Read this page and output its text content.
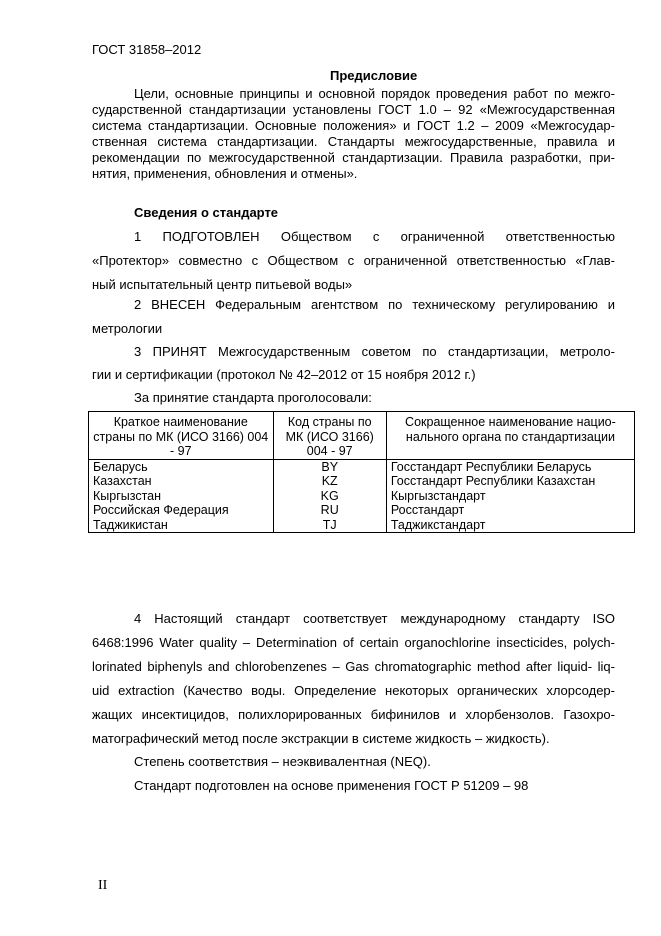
ГОСТ 31858–2012
Предисловие
Цели, основные принципы и основной порядок проведения работ по межго-
сударственной стандартизации установлены ГОСТ 1.0 – 92 «Межгосударственная
система стандартизации. Основные положения» и ГОСТ 1.2 – 2009 «Межгосудар-
ственная система стандартизации. Стандарты межгосударственные, правила и
рекомендации по межгосударственной стандартизации. Правила разработки, при-
нятия, применения, обновления и отмены».
Сведения о стандарте
1 ПОДГОТОВЛЕН Обществом с ограниченной ответственностью
«Протектор» совместно с Обществом с ограниченной ответственностью «Глав-
ный испытательный центр питьевой воды»
2 ВНЕСЕН Федеральным агентством по техническому регулированию и
метрологии
3 ПРИНЯТ Межгосударственным советом по стандартизации, метроло-
гии и сертификации (протокол № 42–2012 от 15 ноября 2012 г.)
За принятие стандарта проголосовали:
Краткое наименование страны по МК (ИСО 3166) 004 - 97	Код страны по МК (ИСО 3166) 004 - 97	Сокращенное наименование нацио-нального органа по стандартизации
Беларусь	BY	Госстандарт Республики Беларусь
Казахстан	KZ	Госстандарт Республики Казахстан
Кыргызстан	KG	Кыргызстандарт
Российская Федерация	RU	Росстандарт
Таджикистан	TJ	Таджикстандарт
4 Настоящий стандарт соответствует международному стандарту ISO
6468:1996 Water quality – Determination of certain organochlorine insecticides, polych-
lorinated biphenyls and chlorobenzenes – Gas chromatographic method after liquid- liq-
uid extraction (Качество воды. Определение некоторых органических хлорсодер-
жащих инсектицидов, полихлорированных бифинилов и хлорбензолов. Газохро-
матографический метод после экстракции в системе жидкость – жидкость).
Степень соответствия – неэквивалентная (NEQ).
Стандарт подготовлен на основе применения ГОСТ Р 51209 – 98
II
